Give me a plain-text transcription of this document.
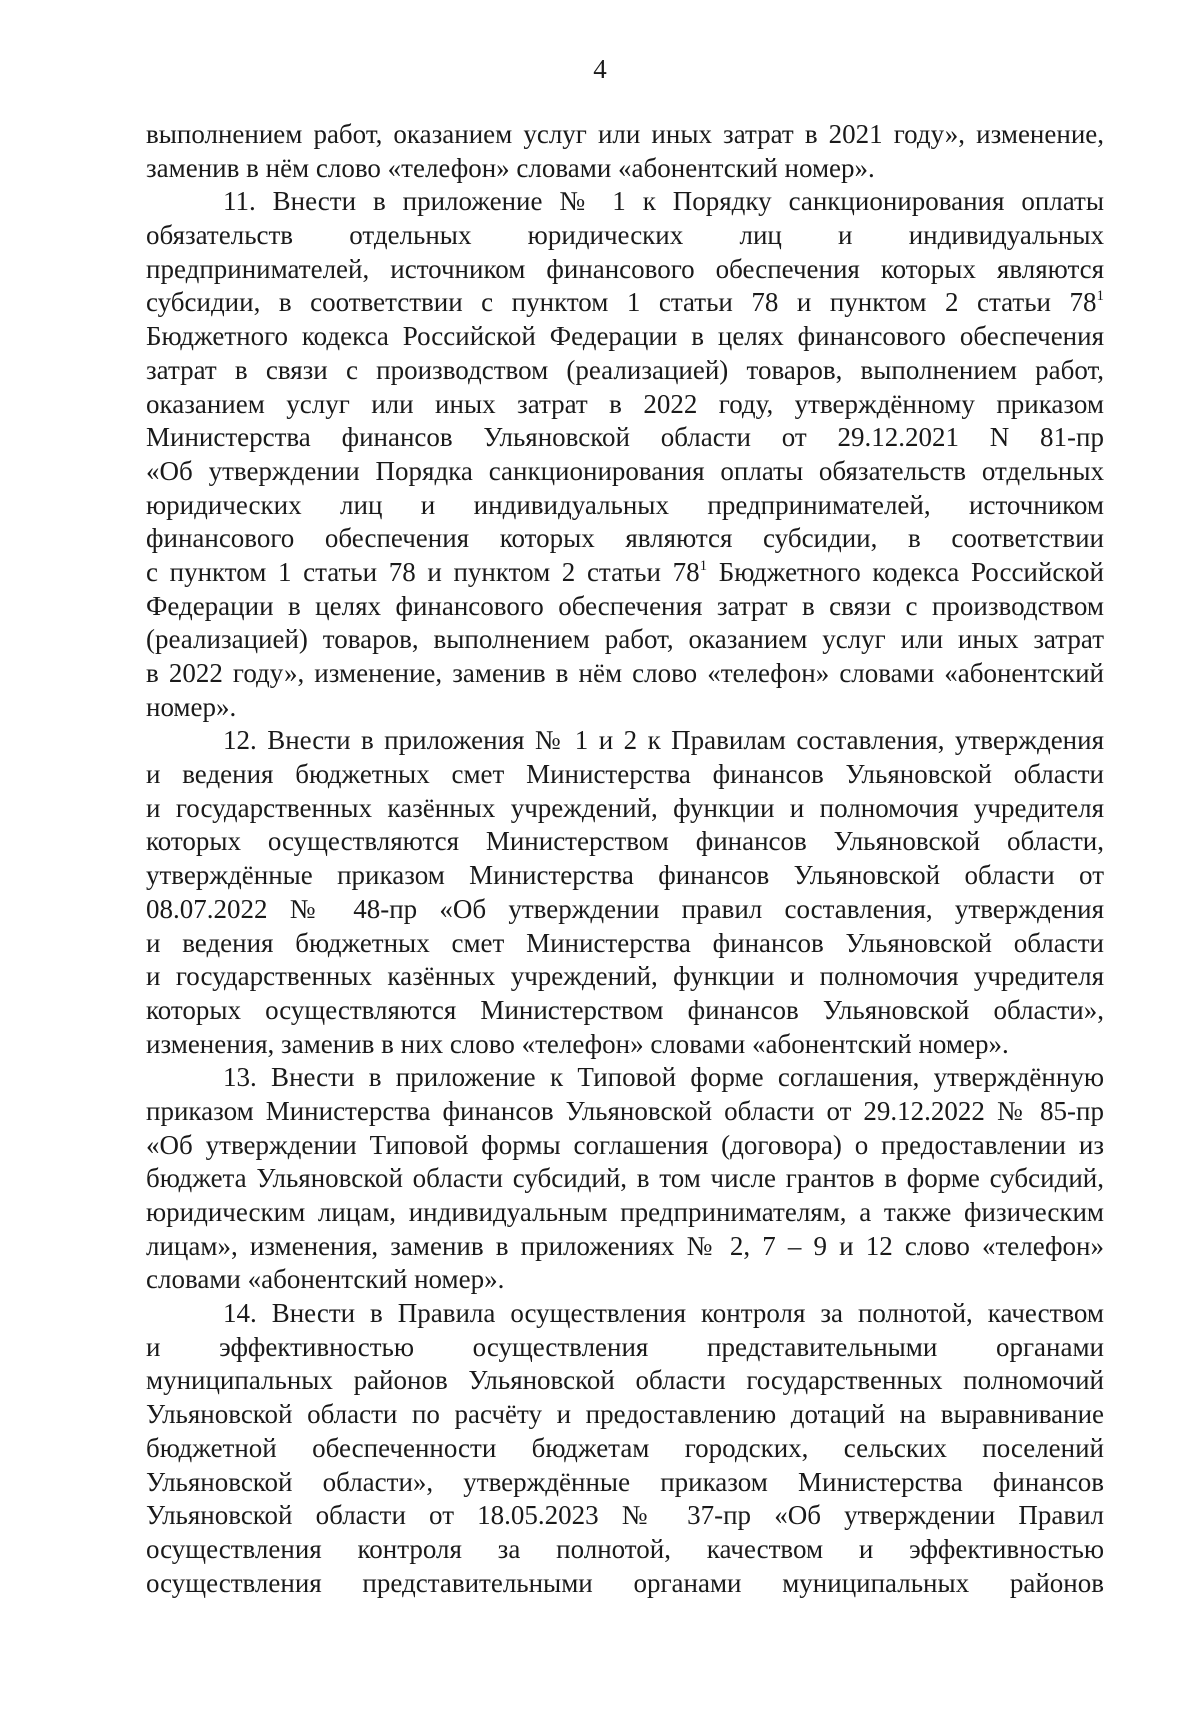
4
выполнением работ, оказанием услуг или иных затрат в 2021 году», изменение,
заменив в нём слово «телефон» словами «абонентский номер».
11. Внести в приложение № 1 к Порядку санкционирования оплаты
обязательств отдельных юридических лиц и индивидуальных
предпринимателей, источником финансового обеспечения которых являются
субсидии, в соответствии с пунктом 1 статьи 78 и пунктом 2 статьи $78^1$
Бюджетного кодекса Российской Федерации в целях финансового обеспечения
затрат в связи с производством (реализацией) товаров, выполнением работ,
оказанием услуг или иных затрат в 2022 году, утверждённому приказом
Министерства финансов Ульяновской области от 29.12.2021 N 81-пр
«Об утверждении Порядка санкционирования оплаты обязательств отдельных
юридических лиц и индивидуальных предпринимателей, источником
финансового обеспечения которых являются субсидии, в соответствии
с пунктом 1 статьи 78 и пунктом 2 статьи $78^1$ Бюджетного кодекса Российской
Федерации в целях финансового обеспечения затрат в связи с производством
(реализацией) товаров, выполнением работ, оказанием услуг или иных затрат
в 2022 году», изменение, заменив в нём слово «телефон» словами «абонентский
номер».
12. Внести в приложения № 1 и 2 к Правилам составления, утверждения
и ведения бюджетных смет Министерства финансов Ульяновской области
и государственных казённых учреждений, функции и полномочия учредителя
которых осуществляются Министерством финансов Ульяновской области,
утверждённые приказом Министерства финансов Ульяновской области от
08.07.2022 № 48-пр «Об утверждении правил составления, утверждения
и ведения бюджетных смет Министерства финансов Ульяновской области
и государственных казённых учреждений, функции и полномочия учредителя
которых осуществляются Министерством финансов Ульяновской области»,
изменения, заменив в них слово «телефон» словами «абонентский номер».
13. Внести в приложение к Типовой форме соглашения, утверждённую
приказом Министерства финансов Ульяновской области от 29.12.2022 № 85-пр
«Об утверждении Типовой формы соглашения (договора) о предоставлении из
бюджета Ульяновской области субсидий, в том числе грантов в форме субсидий,
юридическим лицам, индивидуальным предпринимателям, а также физическим
лицам», изменения, заменив в приложениях № 2, 7 – 9 и 12 слово «телефон»
словами «абонентский номер».
14. Внести в Правила осуществления контроля за полнотой, качеством
и эффективностью осуществления представительными органами
муниципальных районов Ульяновской области государственных полномочий
Ульяновской области по расчёту и предоставлению дотаций на выравнивание
бюджетной обеспеченности бюджетам городских, сельских поселений
Ульяновской области», утверждённые приказом Министерства финансов
Ульяновской области от 18.05.2023 № 37-пр «Об утверждении Правил
осуществления контроля за полнотой, качеством и эффективностью
осуществления представительными органами муниципальных районов
